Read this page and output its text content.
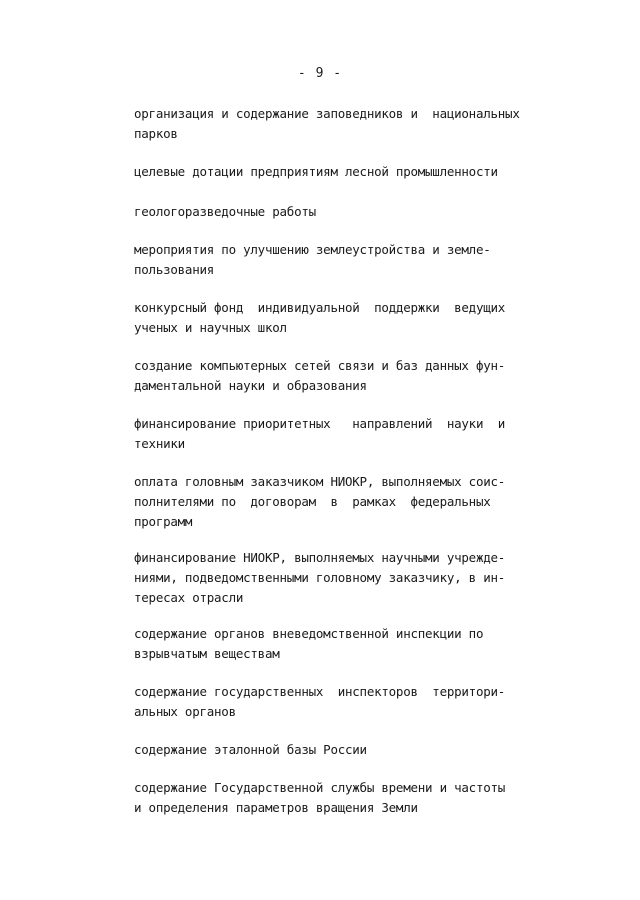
- 9 -

организация и содержание заповедников и  национальных
парков

целевые дотации предприятиям лесной промышленности

геологоразведочные работы

мероприятия по улучшению землеустройства и земле-
пользования

конкурсный фонд  индивидуальной  поддержки  ведущих
ученых и научных школ

создание компьютерных сетей связи и баз данных фун-
даментальной науки и образования

финансирование приоритетных   направлений  науки  и
техники

оплата головным заказчиком НИОКР, выполняемых соис-
полнителями по  договорам  в  рамках  федеральных
программ

финансирование НИОКР, выполняемых научными учрежде-
ниями, подведомственными головному заказчику, в ин-
тересах отрасли

содержание органов вневедомственной инспекции по
взрывчатым веществам

содержание государственных  инспекторов  территори-
альных органов

содержание эталонной базы России

содержание Государственной службы времени и частоты
и определения параметров вращения Земли
